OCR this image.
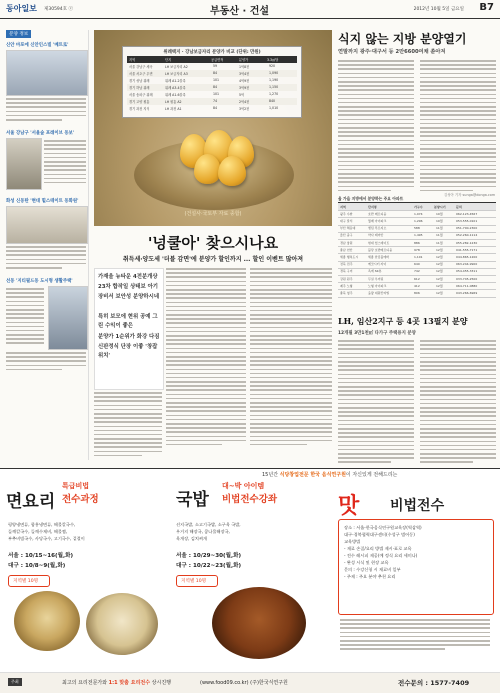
동아일보 제30594호 ⓒ	부동산 · 건설	2012년 10월 5일 금요일 B7
분양 정보
신안 마포에 신안인스빌 '메트로'
서울 강남구 '서울숲 포레이브 동보'
화성 신동탄 '현대 힐스테이트 동화원'
선동 '지티필드동 도시형 생활주택'
위례택지 · 강남보금자리 분양가 비교 (단위: 만원)
지역	단지	공급면적	분양가	3.3㎡당
서울 강남구 세곡	LH 보금자리 A2	59	1억8천	920
서울 서초구 우면	LH 보금자리 A3	84	3억4천	1,090
경기 성남 위례	위례 A1-2블록	101	4억9천	1,190
경기 하남 위례	위례 A3-4블록	84	3억9천	1,150
서울 송파구 위례	위례 A1-6블록	101	5억	1,270
경기 고양 원흥	LH 원흥 A2	74	2억4천	840
경기 과천 지식	LH 과천 A1	84	3억2천	1,010
(건설사·국토부 자료 종합)
'넝쿨아' 찾으시나요
취득세·양도세 '더블 감면'에 분양가 할인까지 ... 할인 이벤트 많아져
가재울 뉴타운 4전분개상
23차 합작일 상태보 아기
장비서 보안성 분양하시네
특히 보모에 현위 공예 그린 수익이 좋은
분양가 1순위가 화강 다짐
신판정식 단장 이좋 '창잡 위치'
식지 않는 지방 분양열기
연말까지 광주·대구서 등 2만6600여채 쏟아져
김성아 기자 sunga@donga.com
올 가을 지방에서 분양하는 주요 아파트
지역	단지명	가구수	분양시기	문의
광주 수완	호반 베르디움	1,074	10월	062-123-4567
대구 달서	월배 아이파크	1,296	10월	053-555-0101
부산 해운대	센텀 푸르지오	588	11월	051-700-2300
울산 중구	약사 래미안	1,495	11월	052-260-1114
경남 창원	현대 힐스테이트	886	11월	055-282-1230
충남 천안	불당 호반베르디움	978	12월	041-555-7171
세종 행복도시	세종 한림풀에버	1,101	12월	044-865-1200
전북 전주	에코시티 자이	640	12월	063-244-9900
경북 구미	옥계 SK뷰	742	12월	054-455-3311
강원 원주	무실 우미린	612	12월	033-745-2500
제주 노형	노형 아이파크	412	12월	064-711-0880
충북 청주	율량 대원칸타빌	806	12월	043-266-6969
LH, 임산2지구 등 4곳 13필지 분양
12개필 3만1천㎡ 다가구 주택용지 분양
15년간 식당창업전문 한국 음식연구원이 자신있게 전해드리는
면요리
특급비법
전수과정
평양냉면류, 함흥냉면류, 해물칼국수,
들깨칼국수, 들깨수제비, 해물찜,
부추비빔국수, 사당국수, 고기국수, 겉절이
서울 : 10/15~16(월,화)
대구 : 10/8~9(월,화)
지역별 10명
국밥
대~박 아이템
비법전수강좌
선지국밥, 소고기국밥, 소구육 국밥,
우거지 해장국, 콩나물해장국,
육개장, 김치찌개
서울 : 10/29~30(월,화)
대구 : 10/22~23(월,화)
지역별 10명
맛 비법전수
장소 : 서울-한국음식연구원교육장(역삼역)
대구-경북협력대구센터(수성구 범어동)
교육방법
- 재료 손질/요리 방법 제시·표로 교육
- 전수 레시피 제공(예 정식 요리 세미나)
- 완성 시식 및 현장 교육
문의 : 수강신청 시 재료비 일부
- 주제 : 주요 분야 추천 요리
주최	최고의 요리전문가와 1:1 맞춤 요리전수 상시진행	(www.food09.co.kr) (주)한국식연구원	전수문의 : 1577-7409
